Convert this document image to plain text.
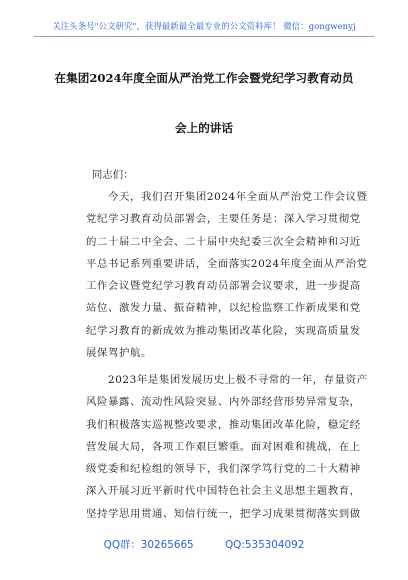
关注头条号"公文研究"，获得最新最全最专业的公文资料库！ 微信：gongwenyj
在集团2024年度全面从严治党工作会暨党纪学习教育动员
会上的讲话
同志们：
今天，我们召开集团2024年全面从严治党工作会议暨
党纪学习教育动员部署会，主要任务是：深入学习贯彻党
的二十届二中全会、二十届中央纪委三次全会精神和习近
平总书记系列重要讲话，全面落实2024年度全面从严治党
工作会议暨党纪学习教育动员部署会议要求，进一步提高
站位、激发力量、振奋精神，以纪检监察工作新成果和党
纪学习教育的新成效为推动集团改革化险，实现高质量发
展保驾护航。
2023年是集团发展历史上极不寻常的一年，存量资产
风险暴露、流动性风险突显、内外部经营形势异常复杂，
我们积极落实巡视整改要求，推动集团改革化险，稳定经
营发展大局，各项工作艰巨繁重。面对困难和挑战，在上
级党委和纪检组的领导下，我们深学笃行党的二十大精神
深入开展习近平新时代中国特色社会主义思想主题教育，
坚持学思用贯通、知信行统一，把学习成果贯彻落实到做
QQ群：30265665	QQ:535304092
